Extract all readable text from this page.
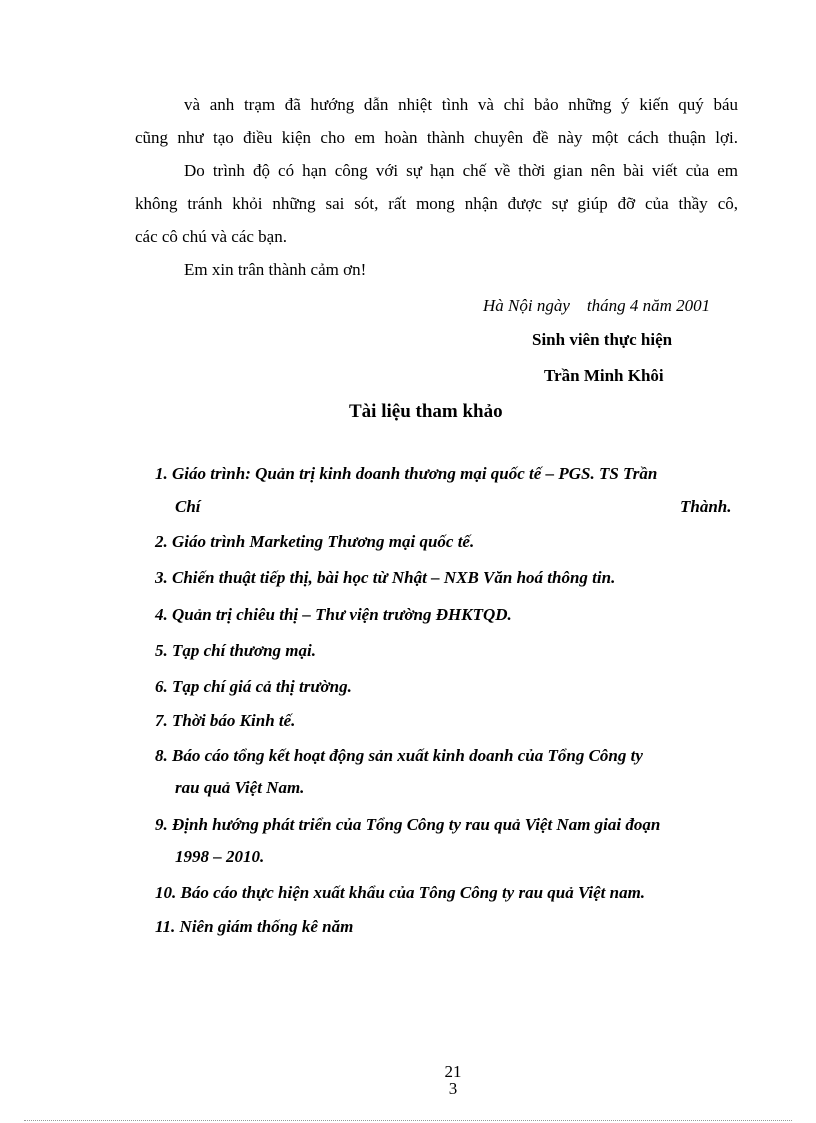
và anh trạm đã hướng dẫn nhiệt tình và chỉ bảo những ý kiến quý báu
cũng như tạo điều kiện cho em hoàn thành chuyên đề này một cách thuận lợi.
Do trình độ có hạn công với sự hạn chế về thời gian nên bài viết của em
không tránh khỏi những sai sót, rất mong nhận được sự giúp đỡ của thầy cô,
các cô chú và các bạn.
Em xin trân thành cảm ơn!
Hà Nội ngày    tháng 4 năm 2001
Sinh viên thực hiện
Trần Minh Khôi
Tài liệu tham khảo
1. Giáo trình: Quản trị kinh doanh thương mại quốc tế – PGS. TS Trần
Chí	Thành.
2. Giáo trình Marketing Thương mại quốc tế.
3. Chiến thuật tiếp thị, bài học từ Nhật – NXB Văn hoá thông tin.
4. Quản trị chiêu thị – Thư viện trường ĐHKTQD.
5. Tạp chí thương mại.
6. Tạp chí giá cả thị trường.
7. Thời báo Kinh tế.
8. Báo cáo tổng kết hoạt động sản xuất kinh doanh của Tổng Công ty
rau quả Việt Nam.
9. Định hướng phát triển của Tổng Công ty rau quả Việt Nam giai đoạn
1998 – 2010.
10. Báo cáo thực hiện xuất khẩu của Tông Công ty rau quả Việt nam.
11. Niên giám thống kê năm
21
3
